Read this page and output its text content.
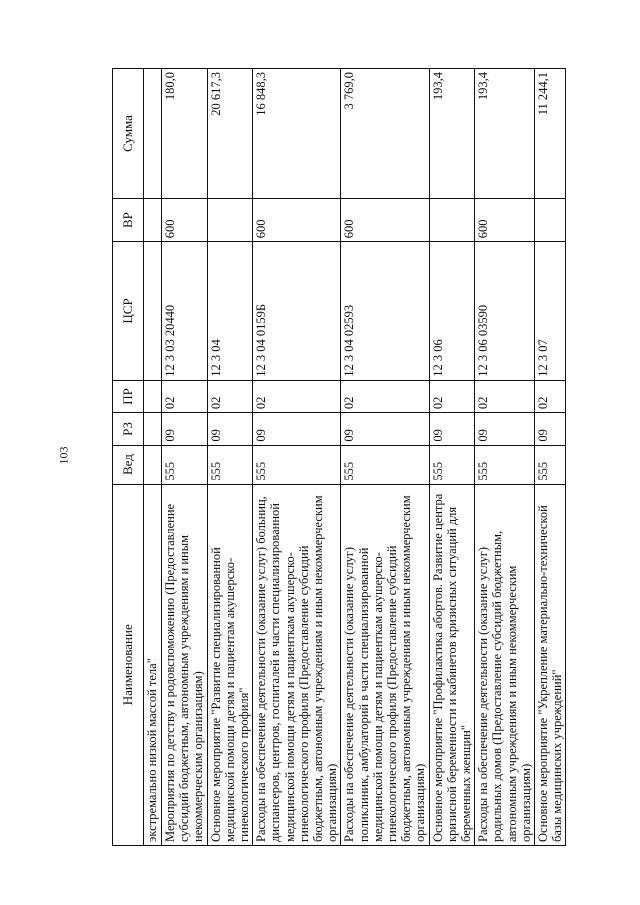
103
Наименование	Вед	РЗ	ПР	ЦСР	ВР	Сумма
экстремально низкой массой тела"						
Мероприятия по детству и родовспоможению (Предоставление субсидий бюджетным, автономным учреждениям и иным некоммерческим организациям)	555	09	02	12 3 03 20440	600	180,0
Основное мероприятие "Развитие специализированной медицинской помощи детям и пациентам акушерско-гинекологического профиля"	555	09	02	12 3 04		20 617,3
Расходы на обеспечение деятельности (оказание услуг) больниц, диспансеров, центров, госпиталей в части специализированной медицинской помощи детям и пациенткам акушерско-гинекологического профиля (Предоставление субсидий бюджетным, автономным учреждениям и иным некоммерческим организациям)	555	09	02	12 3 04 0159Б	600	16 848,3
Расходы на обеспечение деятельности (оказание услуг) поликлиник, амбулаторий в части специализированной медицинской помощи детям и пациенткам акушерско-гинекологического профиля (Предоставление субсидий бюджетным, автономным учреждениям и иным некоммерческим организациям)	555	09	02	12 3 04 02593	600	3 769,0
Основное мероприятие "Профилактика абортов. Развитие центра кризисной беременности и кабинетов кризисных ситуаций для беременных женщин"	555	09	02	12 3 06		193,4
Расходы на обеспечение деятельности (оказание услуг) родильных домов (Предоставление субсидий бюджетным, автономным учреждениям и иным некоммерческим организациям)	555	09	02	12 3 06 03590	600	193,4
Основное мероприятие "Укрепление материально-технической базы медицинских учреждений"	555	09	02	12 3 07		11 244,1
